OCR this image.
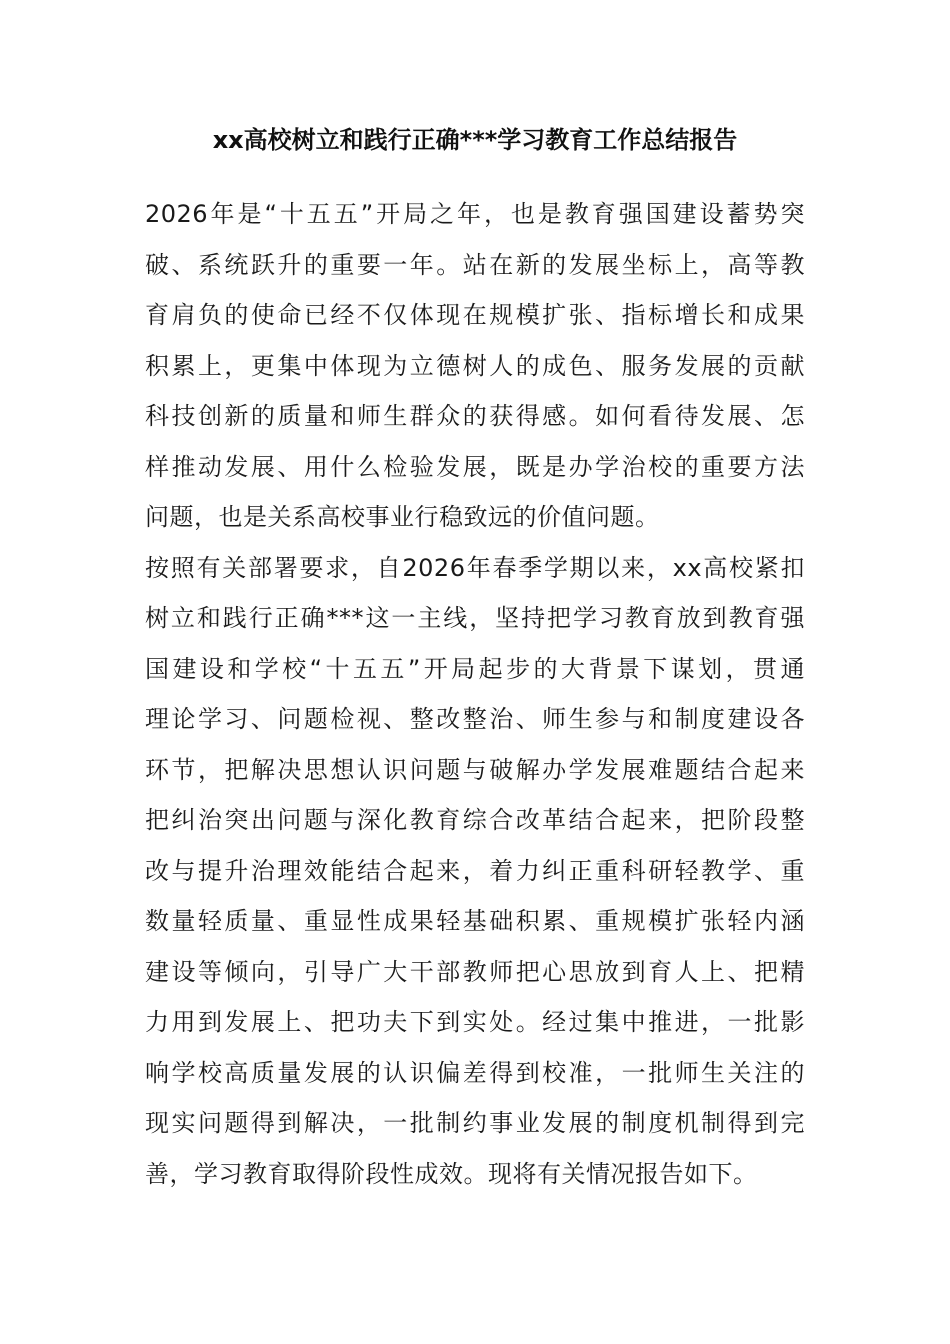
xx高校树立和践行正确***学习教育工作总结报告
2026年是“十五五”开局之年，也是教育强国建设蓄势突
破、系统跃升的重要一年。站在新的发展坐标上，高等教
育肩负的使命已经不仅体现在规模扩张、指标增长和成果
积累上，更集中体现为立德树人的成色、服务发展的贡献
科技创新的质量和师生群众的获得感。如何看待发展、怎
样推动发展、用什么检验发展，既是办学治校的重要方法
问题，也是关系高校事业行稳致远的价值问题。
按照有关部署要求，自2026年春季学期以来，xx高校紧扣
树立和践行正确***这一主线，坚持把学习教育放到教育强
国建设和学校“十五五”开局起步的大背景下谋划，贯通
理论学习、问题检视、整改整治、师生参与和制度建设各
环节，把解决思想认识问题与破解办学发展难题结合起来
把纠治突出问题与深化教育综合改革结合起来，把阶段整
改与提升治理效能结合起来，着力纠正重科研轻教学、重
数量轻质量、重显性成果轻基础积累、重规模扩张轻内涵
建设等倾向，引导广大干部教师把心思放到育人上、把精
力用到发展上、把功夫下到实处。经过集中推进，一批影
响学校高质量发展的认识偏差得到校准，一批师生关注的
现实问题得到解决，一批制约事业发展的制度机制得到完
善，学习教育取得阶段性成效。现将有关情况报告如下。
